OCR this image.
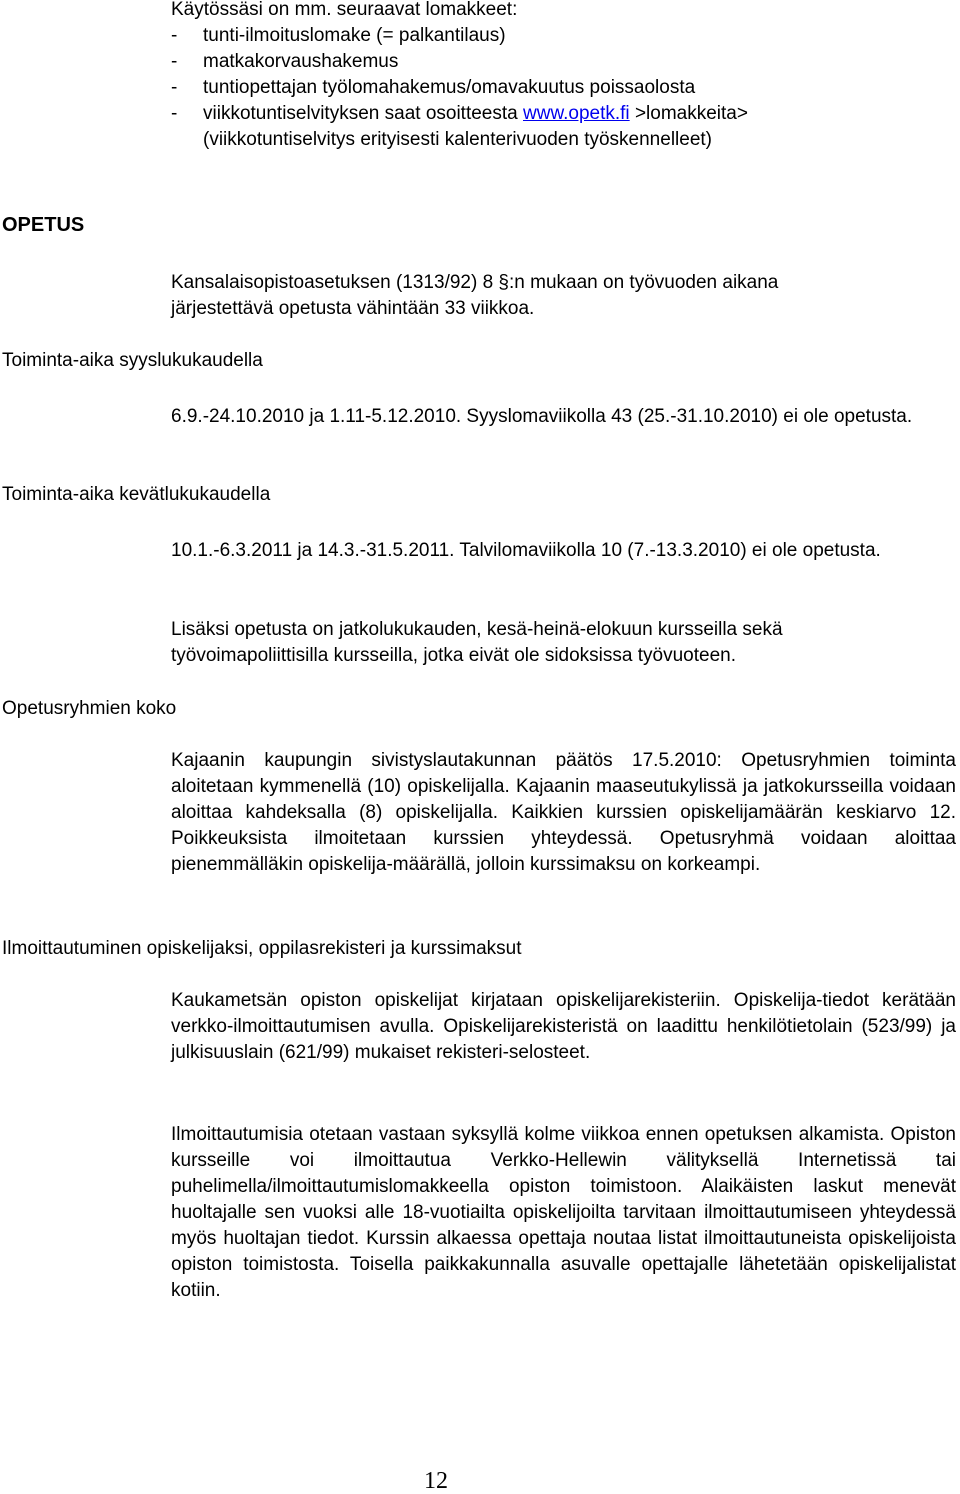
Käytössäsi on mm. seuraavat lomakkeet:
- tunti-ilmoituslomake (= palkantilaus)
- matkakorvaushakemus
- tuntiopettajan työlomahakemus/omavakuutus poissaolosta
- viikkotuntiselvityksen saat osoitteesta www.opetk.fi >lomakkeita>
(viikkotuntiselvitys erityisesti kalenterivuoden työskennelleet)
OPETUS
Kansalaisopistoasetuksen (1313/92) 8 §:n mukaan on työvuoden aikana
järjestettävä opetusta vähintään 33 viikkoa.
Toiminta-aika syyslukukaudella
6.9.-24.10.2010 ja 1.11-5.12.2010. Syyslomaviikolla 43 (25.-31.10.2010) ei ole opetusta.
Toiminta-aika kevätlukukaudella
10.1.-6.3.2011 ja 14.3.-31.5.2011. Talvilomaviikolla 10 (7.-13.3.2010) ei ole opetusta.
Lisäksi opetusta on jatkolukukauden, kesä-heinä-elokuun kursseilla sekä työvoimapoliittisilla kursseilla, jotka eivät ole sidoksissa työvuoteen.
Opetusryhmien koko
Kajaanin kaupungin sivistyslautakunnan päätös 17.5.2010: Opetusryhmien toiminta aloitetaan kymmenellä (10) opiskelijalla. Kajaanin maaseutukylissä ja jatkokursseilla voidaan aloittaa kahdeksalla (8) opiskelijalla. Kaikkien kurssien opiskelijamäärän keskiarvo 12. Poikkeuksista ilmoitetaan kurssien yhteydessä. Opetusryhmä voidaan aloittaa pienemmälläkin opiskelija-määrällä, jolloin kurssimaksu on korkeampi.
Ilmoittautuminen opiskelijaksi, oppilasrekisteri ja kurssimaksut
Kaukametsän opiston opiskelijat kirjataan opiskelijarekisteriin. Opiskelija-tiedot kerätään verkko-ilmoittautumisen avulla. Opiskelijarekisteristä on laadittu henkilötietolain (523/99) ja julkisuuslain (621/99) mukaiset rekisteri-selosteet.
Ilmoittautumisia otetaan vastaan syksyllä kolme viikkoa ennen opetuksen alkamista. Opiston kursseille voi ilmoittautua Verkko-Hellewin välityksellä Internetissä tai puhelimella/ilmoittautumislomakkeella opiston toimistoon. Alaikäisten laskut menevät huoltajalle sen vuoksi alle 18-vuotiailta opiskelijoilta tarvitaan ilmoittautumiseen yhteydessä myös huoltajan tiedot. Kurssin alkaessa opettaja noutaa listat ilmoittautuneista opiskelijoista opiston toimistosta. Toisella paikkakunnalla asuvalle opettajalle lähetetään opiskelijalistat kotiin.
12
